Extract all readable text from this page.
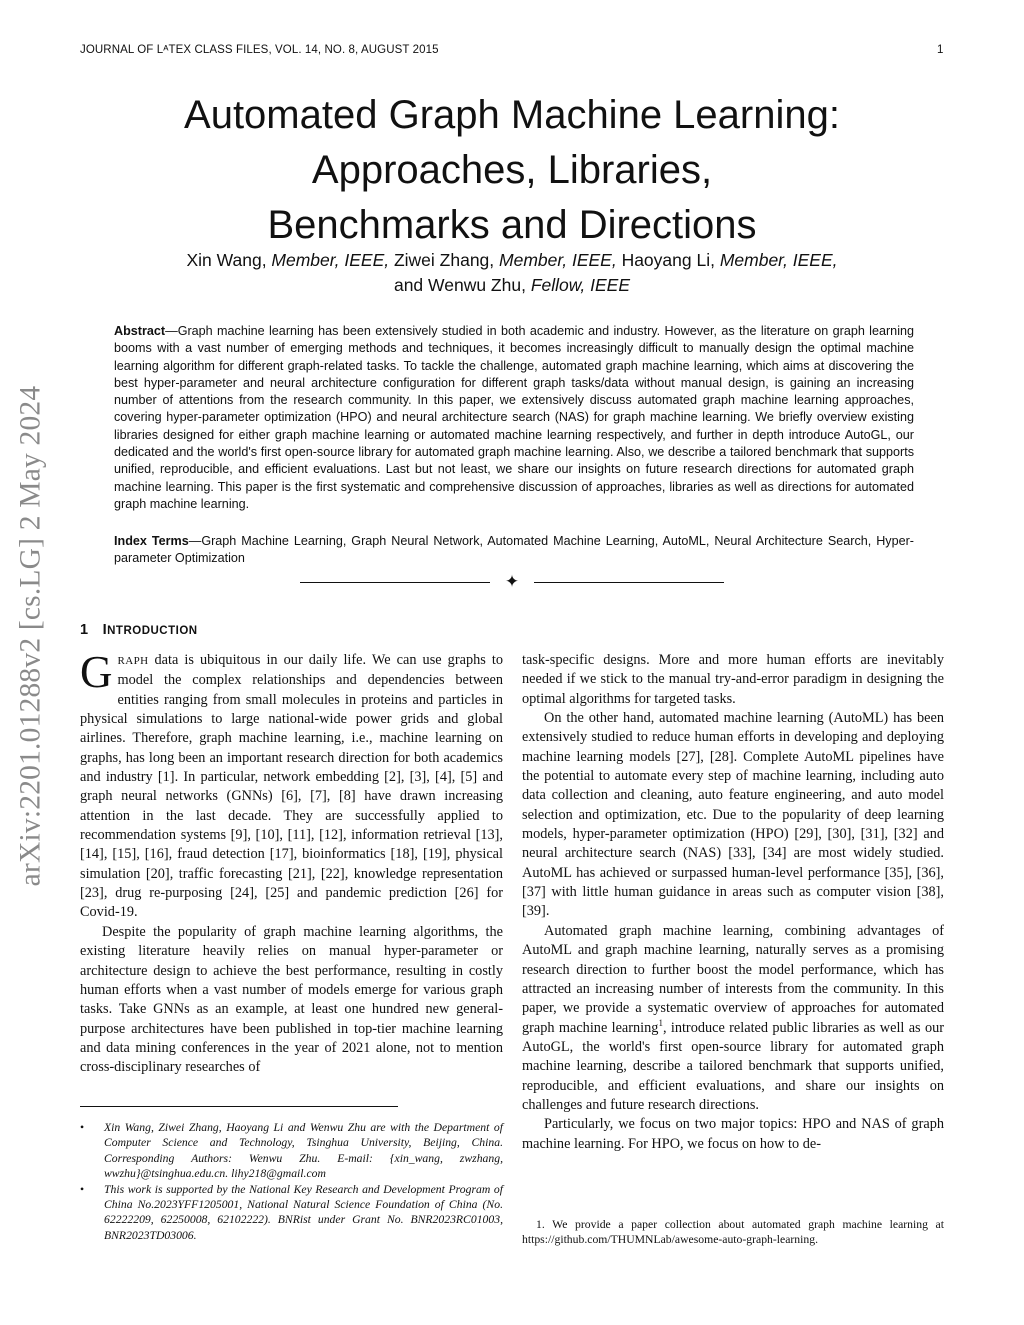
JOURNAL OF LᴬTEX CLASS FILES, VOL. 14, NO. 8, AUGUST 2015	1
arXiv:2201.01288v2 [cs.LG] 2 May 2024
Automated Graph Machine Learning:
Approaches, Libraries,
Benchmarks and Directions
Xin Wang, Member, IEEE, Ziwei Zhang, Member, IEEE, Haoyang Li, Member, IEEE,
and Wenwu Zhu, Fellow, IEEE
Abstract—Graph machine learning has been extensively studied in both academic and industry. However, as the literature on graph learning booms with a vast number of emerging methods and techniques, it becomes increasingly difficult to manually design the optimal machine learning algorithm for different graph-related tasks. To tackle the challenge, automated graph machine learning, which aims at discovering the best hyper-parameter and neural architecture configuration for different graph tasks/data without manual design, is gaining an increasing number of attentions from the research community. In this paper, we extensively discuss automated graph machine learning approaches, covering hyper-parameter optimization (HPO) and neural architecture search (NAS) for graph machine learning. We briefly overview existing libraries designed for either graph machine learning or automated machine learning respectively, and further in depth introduce AutoGL, our dedicated and the world's first open-source library for automated graph machine learning. Also, we describe a tailored benchmark that supports unified, reproducible, and efficient evaluations. Last but not least, we share our insights on future research directions for automated graph machine learning. This paper is the first systematic and comprehensive discussion of approaches, libraries as well as directions for automated graph machine learning.
Index Terms—Graph Machine Learning, Graph Neural Network, Automated Machine Learning, AutoML, Neural Architecture Search, Hyper-parameter Optimization
✦
1 INTRODUCTION

GRAPH data is ubiquitous in our daily life. We can use graphs to model the complex relationships and dependencies between entities ranging from small molecules in proteins and particles in physical simulations to large national-wide power grids and global airlines. Therefore, graph machine learning, i.e., machine learning on graphs, has long been an important research direction for both academics and industry [1]. In particular, network embedding [2], [3], [4], [5] and graph neural networks (GNNs) [6], [7], [8] have drawn increasing attention in the last decade. They are successfully applied to recommendation systems [9], [10], [11], [12], information retrieval [13], [14], [15], [16], fraud detection [17], bioinformatics [18], [19], physical simulation [20], traffic forecasting [21], [22], knowledge representation [23], drug re-purposing [24], [25] and pandemic prediction [26] for Covid-19.

Despite the popularity of graph machine learning algorithms, the existing literature heavily relies on manual hyper-parameter or architecture design to achieve the best performance, resulting in costly human efforts when a vast number of models emerge for various graph tasks. Take GNNs as an example, at least one hundred new general-purpose architectures have been published in top-tier machine learning and data mining conferences in the year of 2021 alone, not to mention cross-disciplinary researches of

• Xin Wang, Ziwei Zhang, Haoyang Li and Wenwu Zhu are with the Department of Computer Science and Technology, Tsinghua University, Beijing, China. Corresponding Authors: Wenwu Zhu. E-mail: {xin_wang, zwzhang, wwzhu}@tsinghua.edu.cn. lihy218@gmail.com
• This work is supported by the National Key Research and Development Program of China No.2023YFF1205001, National Natural Science Foundation of China (No. 62222209, 62250008, 62102222). BNRist under Grant No. BNR2023RC01003, BNR2023TD03006.

task-specific designs. More and more human efforts are inevitably needed if we stick to the manual try-and-error paradigm in designing the optimal algorithms for targeted tasks.

On the other hand, automated machine learning (AutoML) has been extensively studied to reduce human efforts in developing and deploying machine learning models [27], [28]. Complete AutoML pipelines have the potential to automate every step of machine learning, including auto data collection and cleaning, auto feature engineering, and auto model selection and optimization, etc. Due to the popularity of deep learning models, hyper-parameter optimization (HPO) [29], [30], [31], [32] and neural architecture search (NAS) [33], [34] are most widely studied. AutoML has achieved or surpassed human-level performance [35], [36], [37] with little human guidance in areas such as computer vision [38], [39].

Automated graph machine learning, combining advantages of AutoML and graph machine learning, naturally serves as a promising research direction to further boost the model performance, which has attracted an increasing number of interests from the community. In this paper, we provide a systematic overview of approaches for automated graph machine learning$^1$, introduce related public libraries as well as our AutoGL, the world's first open-source library for automated graph machine learning, describe a tailored benchmark that supports unified, reproducible, and efficient evaluations, and share our insights on challenges and future research directions.

Particularly, we focus on two major topics: HPO and NAS of graph machine learning. For HPO, we focus on how to de-

1. We provide a paper collection about automated graph machine learning at https://github.com/THUMNLab/awesome-auto-graph-learning.
